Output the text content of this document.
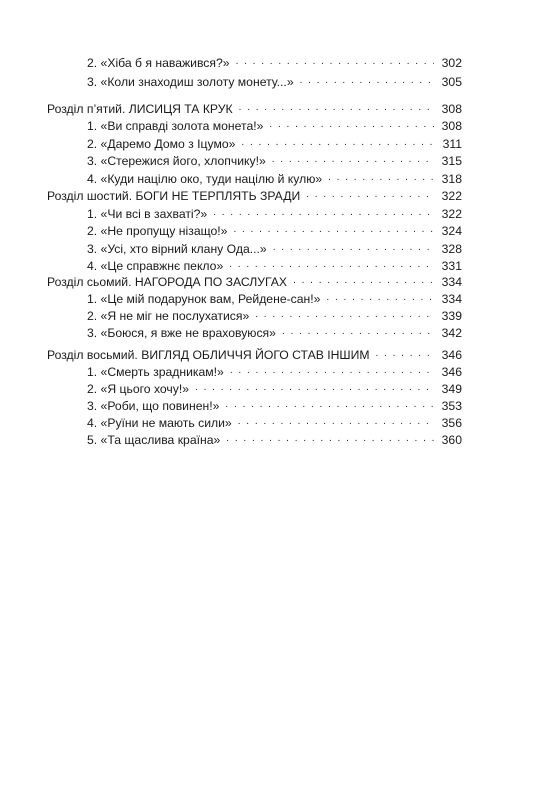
2. «Хіба б я наважився?» . . .	302
3. «Коли знаходиш золоту монету...» . . .	305
Розділ п’ятий. ЛИСИЦЯ ТА КРУК . . .	308
1. «Ви справді золота монета!» . . .	308
2. «Даремо Домо з Іцумо» . . .	311
3. «Стережися його, хлопчику!» . . .	315
4. «Куди націлю око, туди націлю й кулю» . . .	318
Розділ шостий. БОГИ НЕ ТЕРПЛЯТЬ ЗРАДИ . . .	322
1. «Чи всі в захваті?» . . .	322
2. «Не пропущу нізащо!» . . .	324
3. «Усі, хто вірний клану Ода...» . . .	328
4. «Це справжнє пекло» . . .	331
Розділ сьомий. НАГОРОДА ПО ЗАСЛУГАХ . . .	334
1. «Це мій подарунок вам, Рейдене-сан!» . . .	334
2. «Я не міг не послухатися» . . .	339
3. «Боюся, я вже не враховуюся» . . .	342
Розділ восьмий. ВИГЛЯД ОБЛИЧЧЯ ЙОГО СТАВ ІНШИМ . . .	346
1. «Смерть зрадникам!» . . .	346
2. «Я цього хочу!» . . .	349
3. «Роби, що повинен!» . . .	353
4. «Руїни не мають сили» . . .	356
5. «Та щаслива країна» . . .	360
